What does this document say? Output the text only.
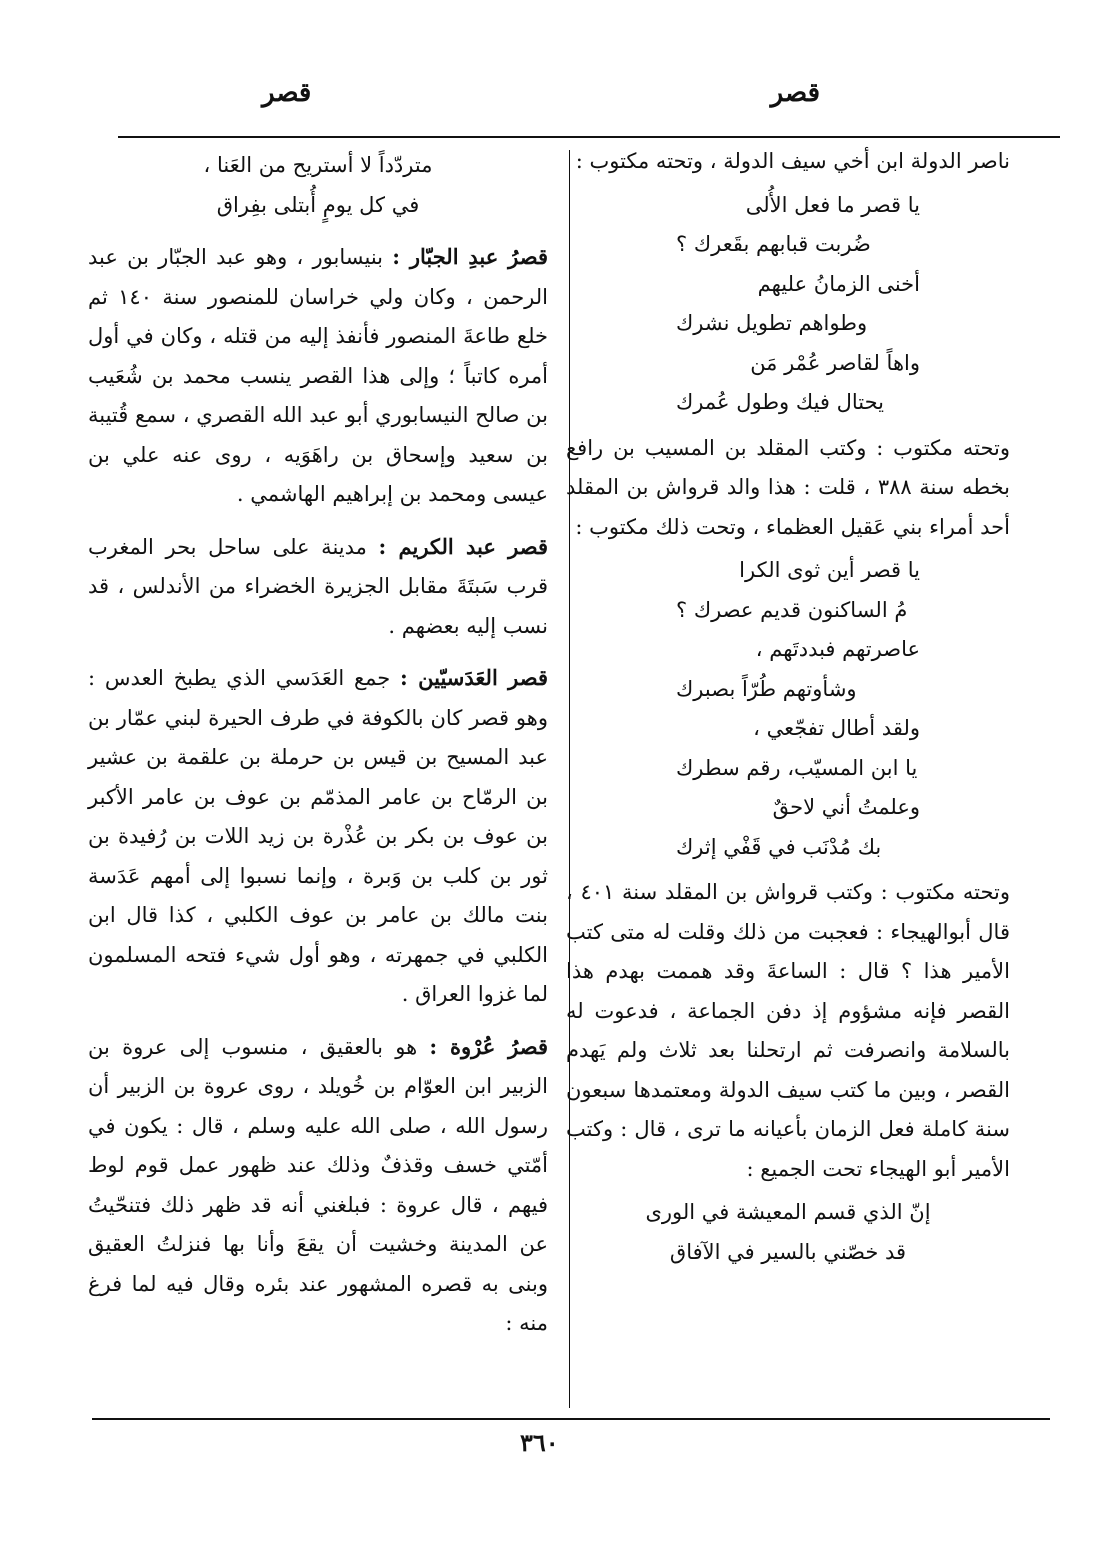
قصر
قصر

ناصر الدولة ابن أخي سيف الدولة ، وتحته مكتوب :

يا قصر ما فعل الأُلى
ضُربت قبابهم بقَعرك ؟
أخنى الزمانُ عليهم
وطواهم تطويل نشرك
واهاً لقاصر عُمْر مَن
يحتال فيك وطول عُمرك

وتحته مكتوب : وكتب المقلد بن المسيب بن رافع بخطه سنة ٣٨٨ ، قلت : هذا والد قرواش بن المقلد أحد أمراء بني عَقيل العظماء ، وتحت ذلك مكتوب :

يا قصر أين ثوى الكرا
مُ الساكنون قديم عصرك ؟
عاصرتهم فبددتَهم ،
وشأوتهم طُرّاً بصبرك
ولقد أطال تفجّعي ،
يا ابن المسيّب، رقم سطرك
وعلمتُ أني لاحقٌ
بك مُدْنَب في قَفْي إثرك

وتحته مكتوب : وكتب قرواش بن المقلد سنة ٤٠١ ، قال أبوالهيجاء : فعجبت من ذلك وقلت له متى كتب الأمير هذا ؟ قال : الساعةَ وقد هممت بهدم هذا القصر فإنه مشؤوم إذ دفن الجماعة ، فدعوت له بالسلامة وانصرفت ثم ارتحلنا بعد ثلاث ولم يَهدم القصر ، وبين ما كتب سيف الدولة ومعتمدها سبعون سنة كاملة فعل الزمان بأعيانه ما ترى ، قال : وكتب الأمير أبو الهيجاء تحت الجميع :

إنّ الذي قسم المعيشة في الورى
قد خصّني بالسير في الآفاق
متردّداً لا أستريح من العَنا ،
في كل يومٍ أُبتلى بفِراق

قصرُ عبدِ الجبّار : بنيسابور ، وهو عبد الجبّار بن عبد الرحمن ، وكان ولي خراسان للمنصور سنة ١٤٠ ثم خلع طاعةَ المنصور فأنفذ إليه من قتله ، وكان في أول أمره كاتباً ؛ وإلى هذا القصر ينسب محمد بن شُعَيب بن صالح النيسابوري أبو عبد الله القصري ، سمع قُتيبة بن سعيد وإسحاق بن راهَوَيه ، روى عنه علي بن عيسى ومحمد بن إبراهيم الهاشمي .

قصر عبد الكريم : مدينة على ساحل بحر المغرب قرب سَبتَةَ مقابل الجزيرة الخضراء من الأندلس ، قد نسب إليه بعضهم .

قصر العَدَسيّين : جمع العَدَسي الذي يطبخ العدس : وهو قصر كان بالكوفة في طرف الحيرة لبني عمّار بن عبد المسيح بن قيس بن حرملة بن علقمة بن عشير بن الرمّاح بن عامر المذمّم بن عوف بن عامر الأكبر بن عوف بن بكر بن عُذْرة بن زيد اللات بن رُفيدة بن ثور بن كلب بن وَبرة ، وإنما نسبوا إلى أمهم عَدَسة بنت مالك بن عامر بن عوف الكلبي ، كذا قال ابن الكلبي في جمهرته ، وهو أول شيء فتحه المسلمون لما غزوا العراق .

قصرُ عُرْوة : هو بالعقيق ، منسوب إلى عروة بن الزبير ابن العوّام بن خُويلد ، روى عروة بن الزبير أن رسول الله ، صلى الله عليه وسلم ، قال : يكون في أمّتي خسف وقذفٌ وذلك عند ظهور عمل قوم لوط فيهم ، قال عروة : فبلغني أنه قد ظهر ذلك فتنحّيتُ عن المدينة وخشيت أن يقعَ وأنا بها فنزلتُ العقيق وبنى به قصره المشهور عند بئره وقال فيه لما فرغ منه :

٣٦٠
